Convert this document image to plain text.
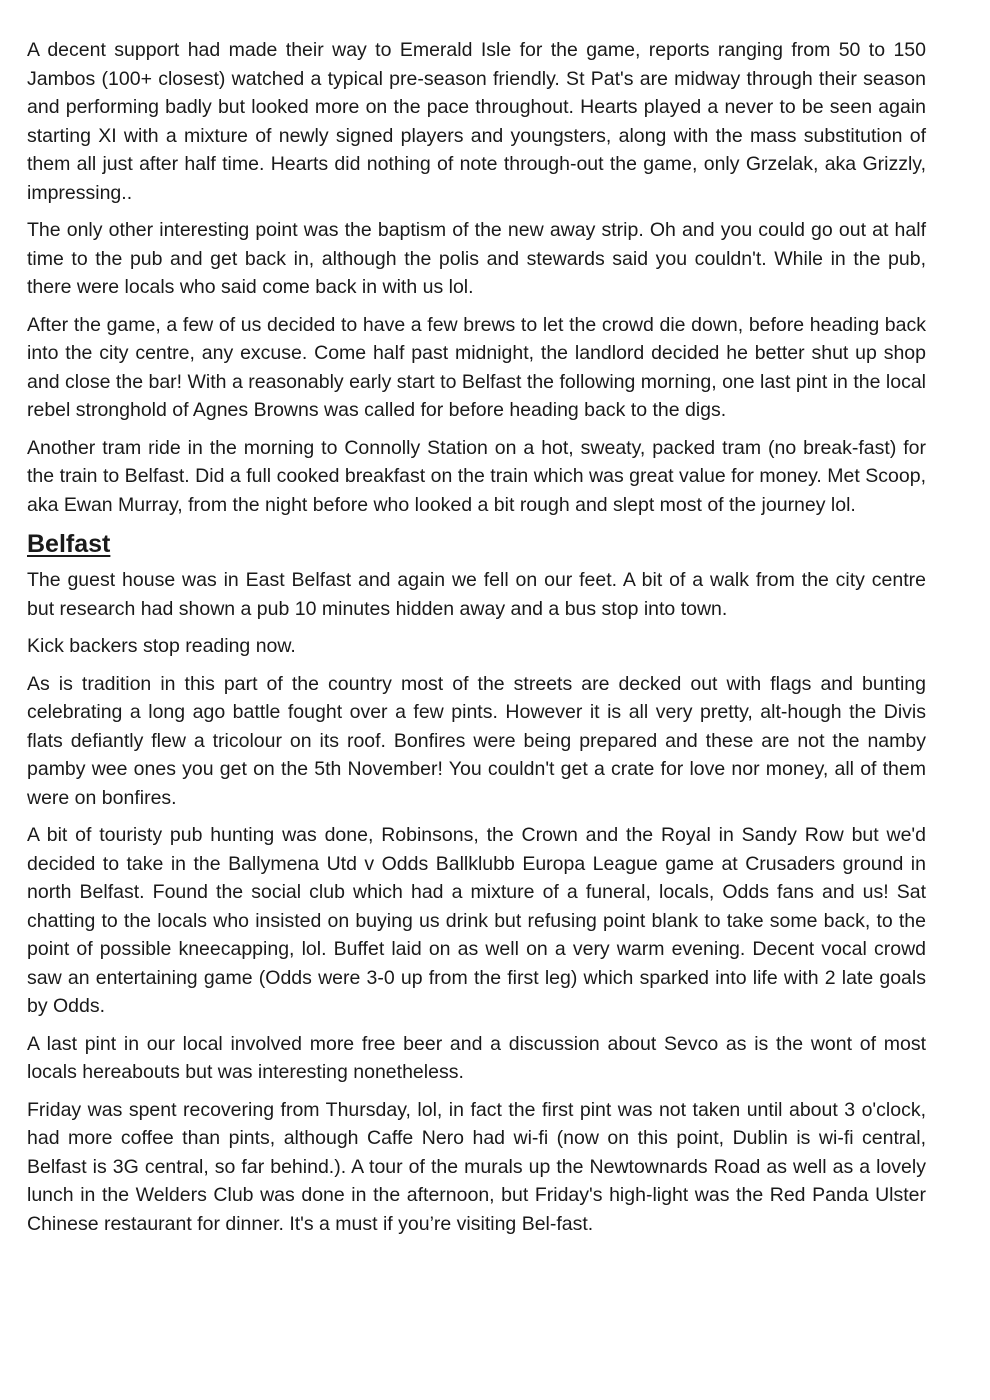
A decent support had made their way to Emerald Isle for the game, reports ranging from 50 to 150 Jambos (100+ closest) watched a typical pre-season friendly. St Pat's are midway through their season and performing badly but looked more on the pace throughout. Hearts played a never to be seen again starting XI with a mixture of newly signed players and youngsters, along with the mass substitution of them all just after half time. Hearts did nothing of note through-out the game, only Grzelak, aka Grizzly, impressing..

The only other interesting point was the baptism of the new away strip. Oh and you could go out at half time to the pub and get back in, although the polis and stewards said you couldn't. While in the pub, there were locals who said come back in with us lol.

After the game, a few of us decided to have a few brews to let the crowd die down, before heading back into the city centre, any excuse. Come half past midnight, the landlord decided he better shut up shop and close the bar! With a reasonably early start to Belfast the following morning, one last pint in the local rebel stronghold of Agnes Browns was called for before heading back to the digs.

Another tram ride in the morning to Connolly Station on a hot, sweaty, packed tram (no break-fast) for the train to Belfast. Did a full cooked breakfast on the train which was great value for money. Met Scoop, aka Ewan Murray, from the night before who looked a bit rough and slept most of the journey lol.

Belfast

The guest house was in East Belfast and again we fell on our feet. A bit of a walk from the city centre but research had shown a pub 10 minutes hidden away and a bus stop into town.

Kick backers stop reading now.

As is tradition in this part of the country most of the streets are decked out with flags and bunting celebrating a long ago battle fought over a few pints. However it is all very pretty, alt-hough the Divis flats defiantly flew a tricolour on its roof. Bonfires were being prepared and these are not the namby pamby wee ones you get on the 5th November! You couldn't get a crate for love nor money, all of them were on bonfires.

A bit of touristy pub hunting was done, Robinsons, the Crown and the Royal in Sandy Row but we'd decided to take in the Ballymena Utd v Odds Ballklubb Europa League game at Crusaders ground in north Belfast. Found the social club which had a mixture of a funeral, locals, Odds fans and us! Sat chatting to the locals who insisted on buying us drink but refusing point blank to take some back, to the point of possible kneecapping, lol. Buffet laid on as well on a very warm evening. Decent vocal crowd saw an entertaining game (Odds were 3-0 up from the first leg) which sparked into life with 2 late goals by Odds.

A last pint in our local involved more free beer and a discussion about Sevco as is the wont of most locals hereabouts but was interesting nonetheless.

Friday was spent recovering from Thursday, lol, in fact the first pint was not taken until about 3 o'clock, had more coffee than pints, although Caffe Nero had wi-fi (now on this point, Dublin is wi-fi central, Belfast is 3G central, so far behind.). A tour of the murals up the Newtownards Road as well as a lovely lunch in the Welders Club was done in the afternoon, but Friday's high-light was the Red Panda Ulster Chinese restaurant for dinner. It's a must if you’re visiting Bel-fast.
